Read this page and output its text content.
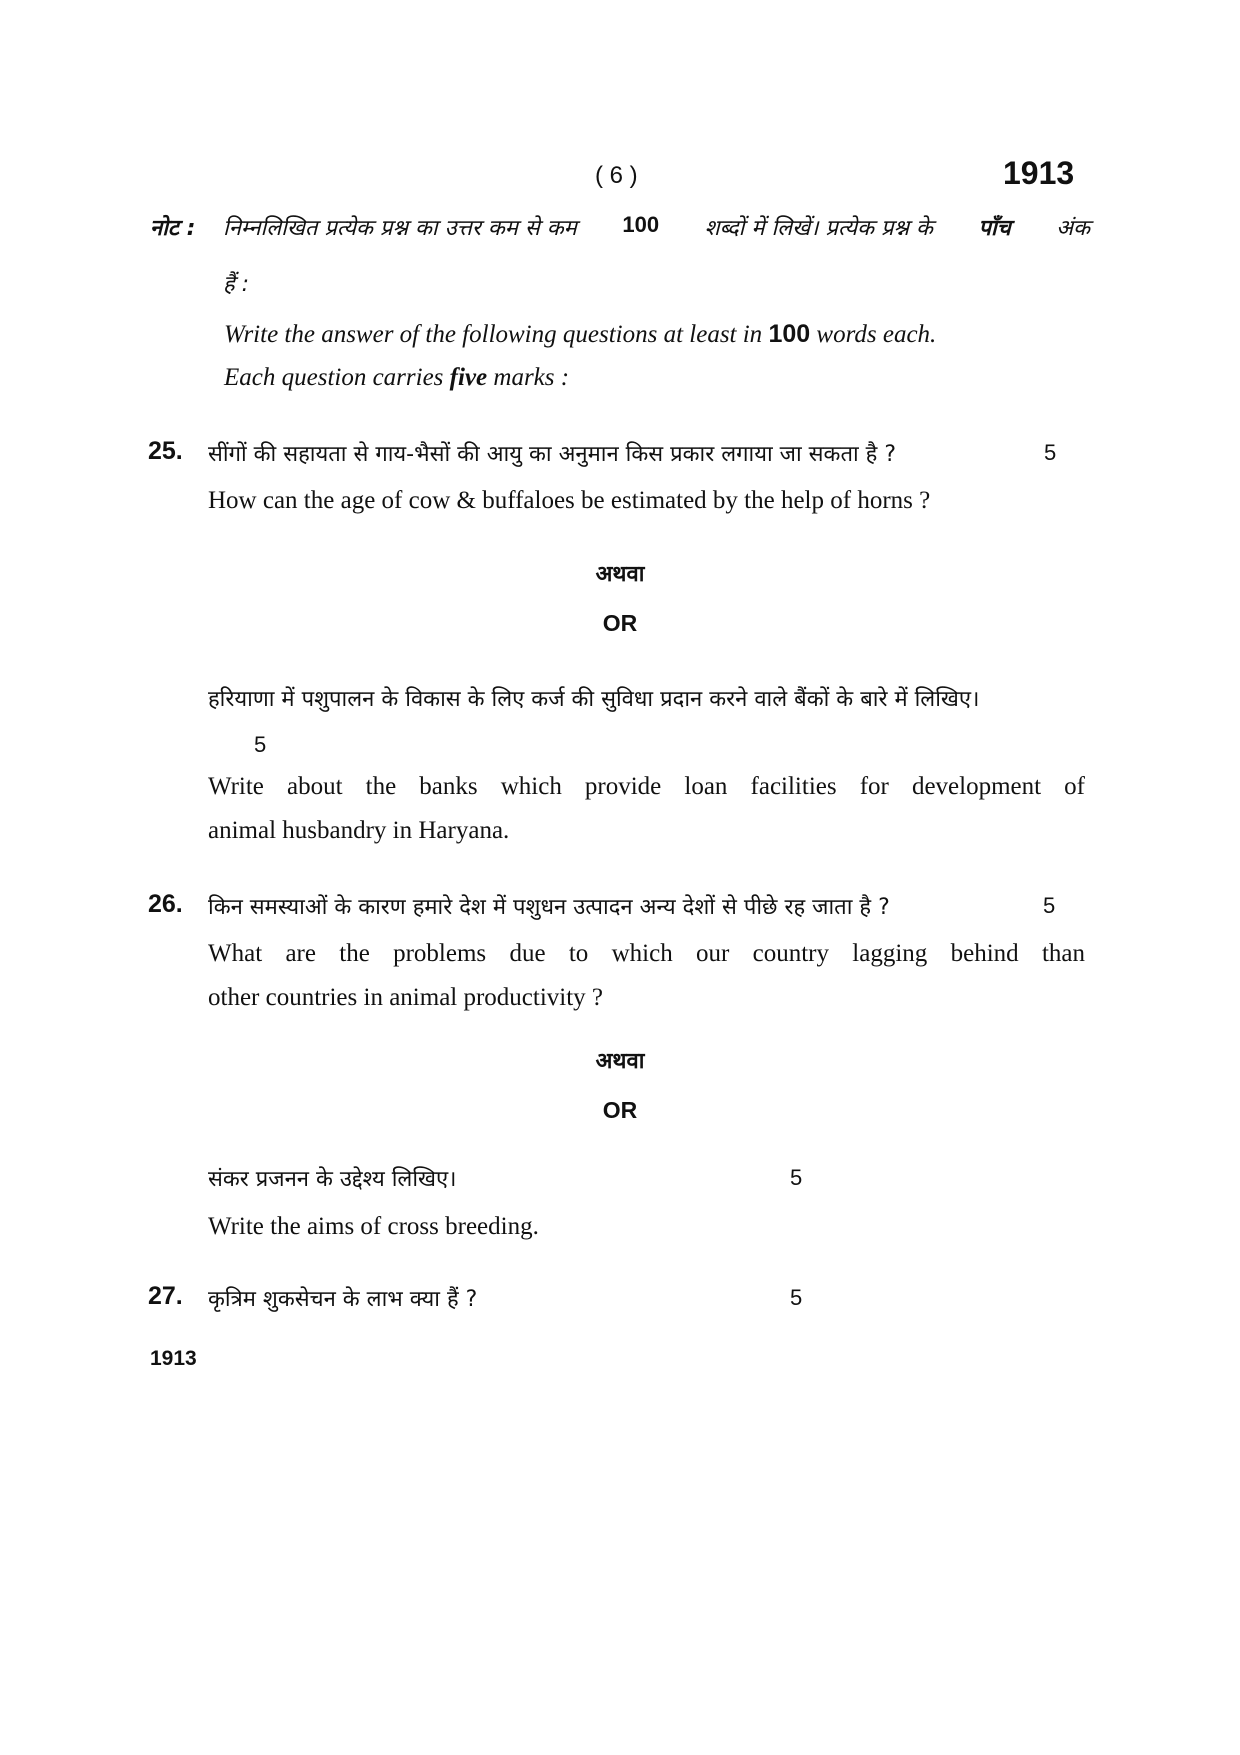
( 6 )	1913
नोट : निम्नलिखित प्रत्येक प्रश्न का उत्तर कम से कम 100 शब्दों में लिखें। प्रत्येक प्रश्न के पाँच अंक
हैं :
Write the answer of the following questions at least in 100 words each.
Each question carries five marks :
25. सींगों की सहायता से गाय-भैसों की आयु का अनुमान किस प्रकार लगाया जा सकता है ?	5
How can the age of cow & buffaloes be estimated by the help of horns ?
अथवा
OR
हरियाणा में पशुपालन के विकास के लिए कर्ज की सुविधा प्रदान करने वाले बैंकों के बारे में लिखिए।
5
Write about the banks which provide loan facilities for development of
animal husbandry in Haryana.
26. किन समस्याओं के कारण हमारे देश में पशुधन उत्पादन अन्य देशों से पीछे रह जाता है ?	5
What are the problems due to which our country lagging behind than
other countries in animal productivity ?
अथवा
OR
संकर प्रजनन के उद्देश्य लिखिए।	5
Write the aims of cross breeding.
27. कृत्रिम शुकसेचन के लाभ क्या हैं ?	5
1913
